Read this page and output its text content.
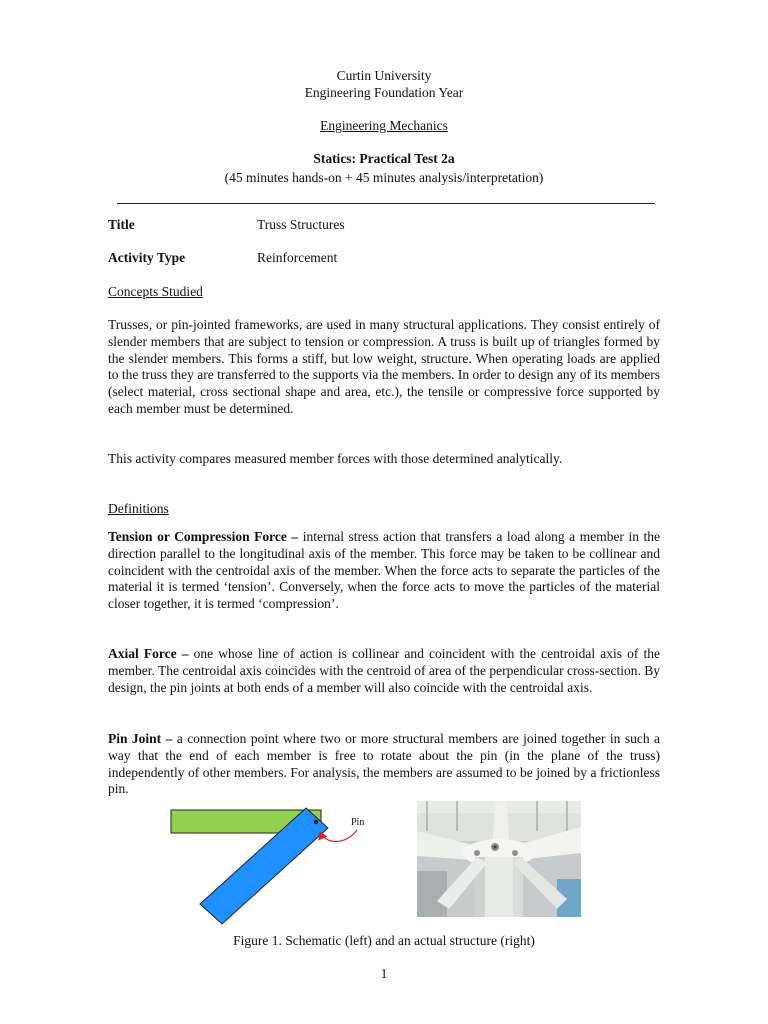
Curtin University
Engineering Foundation Year
Engineering Mechanics
Statics: Practical Test 2a
(45 minutes hands-on + 45 minutes analysis/interpretation)
Title	Truss Structures
Activity Type	Reinforcement
Concepts Studied

Trusses, or pin-jointed frameworks, are used in many structural applications. They consist entirely of slender members that are subject to tension or compression. A truss is built up of triangles formed by the slender members. This forms a stiff, but low weight, structure. When operating loads are applied to the truss they are transferred to the supports via the members. In order to design any of its members (select material, cross sectional shape and area, etc.), the tensile or compressive force supported by each member must be determined.

This activity compares measured member forces with those determined analytically.

Definitions

Tension or Compression Force – internal stress action that transfers a load along a member in the direction parallel to the longitudinal axis of the member. This force may be taken to be collinear and coincident with the centroidal axis of the member. When the force acts to separate the particles of the material it is termed ‘tension’. Conversely, when the force acts to move the particles of the material closer together, it is termed ‘compression’.

Axial Force – one whose line of action is collinear and coincident with the centroidal axis of the member. The centroidal axis coincides with the centroid of area of the perpendicular cross-section. By design, the pin joints at both ends of a member will also coincide with the centroidal axis.

Pin Joint – a connection point where two or more structural members are joined together in such a way that the end of each member is free to rotate about the pin (in the plane of the truss) independently of other members. For analysis, the members are assumed to be joined by a frictionless pin.

Pin
Figure 1. Schematic (left) and an actual structure (right)
1
